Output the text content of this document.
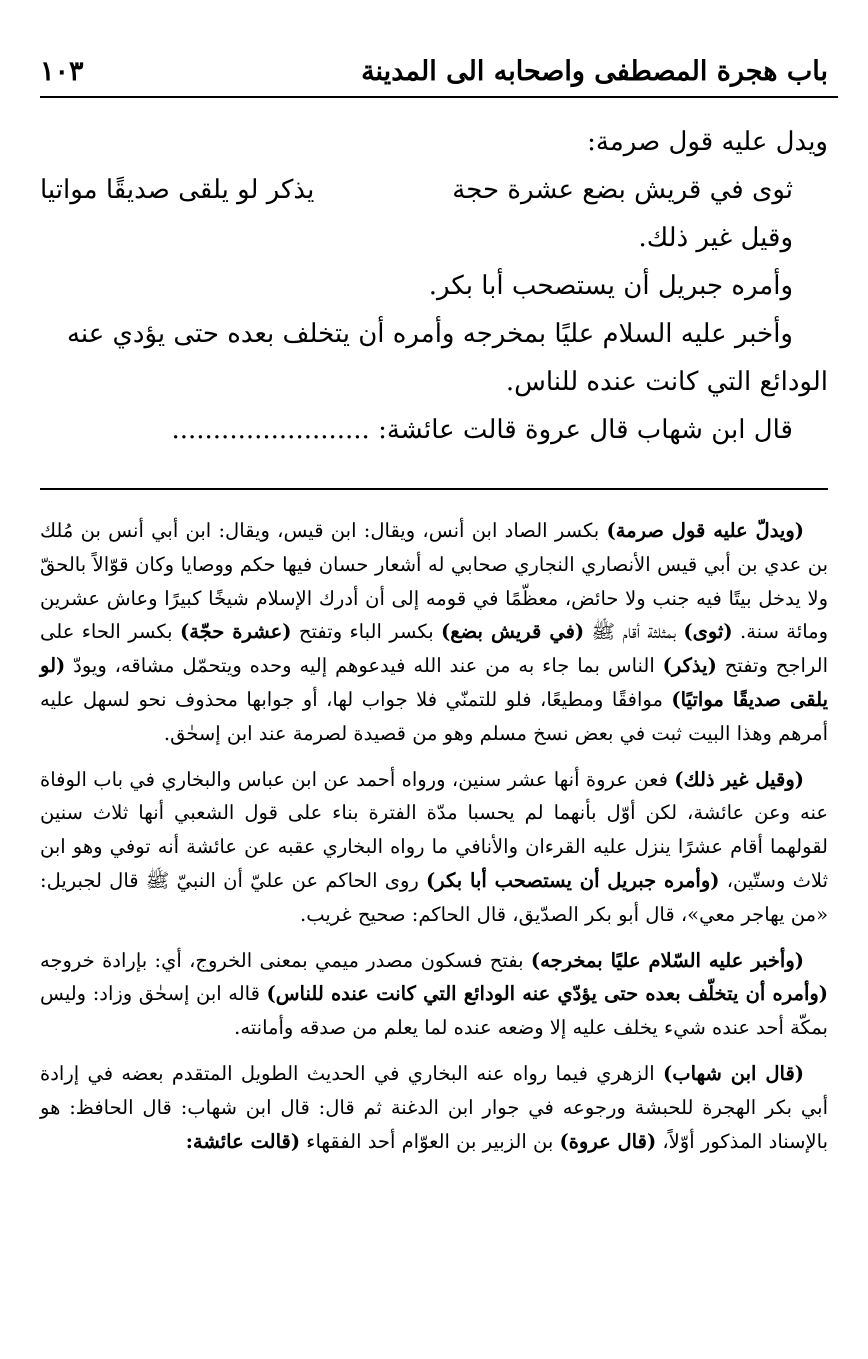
باب هجرة المصطفى واصحابه الى المدينة
١٠٣

ويدل عليه قول صرمة:

ثوى في قريش بضع عشرة حجة
يذكر لو يلقى صديقًا مواتيا

وقيل غير ذلك.

وأمره جبريل أن يستصحب أبا بكر.

وأخبر عليه السلام عليًا بمخرجه وأمره أن يتخلف بعده حتى يؤدي عنه

الودائع التي كانت عنده للناس.

قال ابن شهاب قال عروة قالت عائشة: ........................

(ويدلّ عليه قول صرمة) بكسر الصاد ابن أنس، ويقال: ابن قيس، ويقال: ابن أبي أنس بن مُلك بن عدي بن أبي قيس الأنصاري النجاري صحابي له أشعار حسان فيها حكم ووصايا وكان قوّالاً بالحقّ ولا يدخل بيتًا فيه جنب ولا حائض، معظّمًا في قومه إلى أن أدرك الإسلام شيخًا كبيرًا وعاش عشرين ومائة سنة. (ثوى) بمثلثة أقام ﷺ (في قريش بضع) بكسر الباء وتفتح (عشرة حجّة) بكسر الحاء على الراجح وتفتح (يذكر) الناس بما جاء به من عند الله فيدعوهم إليه وحده ويتحمّل مشاقه، ويودّ (لو يلقى صديقًا مواتيًا) موافقًا ومطيعًا، فلو للتمنّي فلا جواب لها، أو جوابها محذوف نحو لسهل عليه أمرهم وهذا البيت ثبت في بعض نسخ مسلم وهو من قصيدة لصرمة عند ابن إسحٰق.

(وقيل غير ذلك) فعن عروة أنها عشر سنين، ورواه أحمد عن ابن عباس والبخاري في باب الوفاة عنه وعن عائشة، لكن أوّل بأنهما لم يحسبا مدّة الفترة بناء على قول الشعبي أنها ثلاث سنين لقولهما أقام عشرًا ينزل عليه القرءان والأنافي ما رواه البخاري عقبه عن عائشة أنه توفي وهو ابن ثلاث وستّين، (وأمره جبريل أن يستصحب أبا بكر) روى الحاكم عن عليّ أن النبيّ ﷺ قال لجبريل: «من يهاجر معي»، قال أبو بكر الصدّيق، قال الحاكم: صحيح غريب.

(وأخبر عليه السّلام عليًا بمخرجه) بفتح فسكون مصدر ميمي بمعنى الخروج، أي: بإرادة خروجه (وأمره أن يتخلّف بعده حتى يؤدّي عنه الودائع التي كانت عنده للناس) قاله ابن إسحٰق وزاد: وليس بمكّة أحد عنده شيء يخلف عليه إلا وضعه عنده لما يعلم من صدقه وأمانته.

(قال ابن شهاب) الزهري فيما رواه عنه البخاري في الحديث الطويل المتقدم بعضه في إرادة أبي بكر الهجرة للحبشة ورجوعه في جوار ابن الدغنة ثم قال: قال ابن شهاب: قال الحافظ: هو بالإسناد المذكور أوّلاً، (قال عروة) بن الزبير بن العوّام أحد الفقهاء (قالت عائشة:
